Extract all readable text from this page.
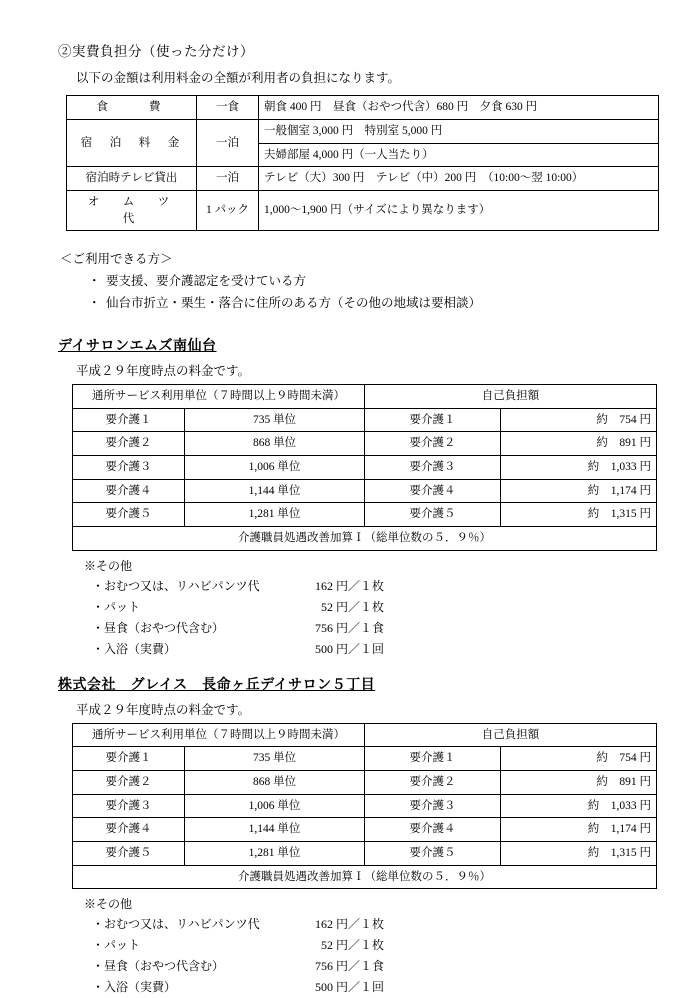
②実費負担分（使った分だけ）

以下の金額は利用料金の全額が利用者の負担になります。

食　　費	一食	朝食 400 円　昼食（おやつ代含）680 円　夕食 630 円
宿　泊　料　金	一泊	一般個室 3,000 円　特別室 5,000 円
		夫婦部屋 4,000 円（一人当たり）
宿泊時テレビ貸出	一泊	テレビ（大）300 円　テレビ（中）200 円　（10:00～翌 10:00）
オ　ム　ツ　代	1 パック	1,000～1,900 円（サイズにより異なります）

＜ご利用できる方＞

・ 要支援、要介護認定を受けている方
・ 仙台市折立・栗生・落合に住所のある方（その他の地域は要相談）

デイサロンエムズ南仙台

平成２９年度時点の料金です。

通所サービス利用単位（７時間以上９時間未満）		自己負担額	
要介護１	735 単位	要介護１	約　754 円
要介護２	868 単位	要介護２	約　891 円
要介護３	1,006 単位	要介護３	約　1,033 円
要介護４	1,144 単位	要介護４	約　1,174 円
要介護５	1,281 単位	要介護５	約　1,315 円
介護職員処遇改善加算Ｉ（総単位数の５．９％）			

※その他

・おむつ又は、リハビパンツ代	162 円／１枚
・パット	52 円／１枚
・昼食（おやつ代含む）	756 円／１食
・入浴（実費）	500 円／１回

株式会社　グレイス　長命ヶ丘デイサロン５丁目

平成２９年度時点の料金です。

通所サービス利用単位（７時間以上９時間未満）		自己負担額	
要介護１	735 単位	要介護１	約　754 円
要介護２	868 単位	要介護２	約　891 円
要介護３	1,006 単位	要介護３	約　1,033 円
要介護４	1,144 単位	要介護４	約　1,174 円
要介護５	1,281 単位	要介護５	約　1,315 円
介護職員処遇改善加算Ｉ（総単位数の５．９％）			

※その他

・おむつ又は、リハビパンツ代	162 円／１枚
・パット	52 円／１枚
・昼食（おやつ代含む）	756 円／１食
・入浴（実費）	500 円／１回
